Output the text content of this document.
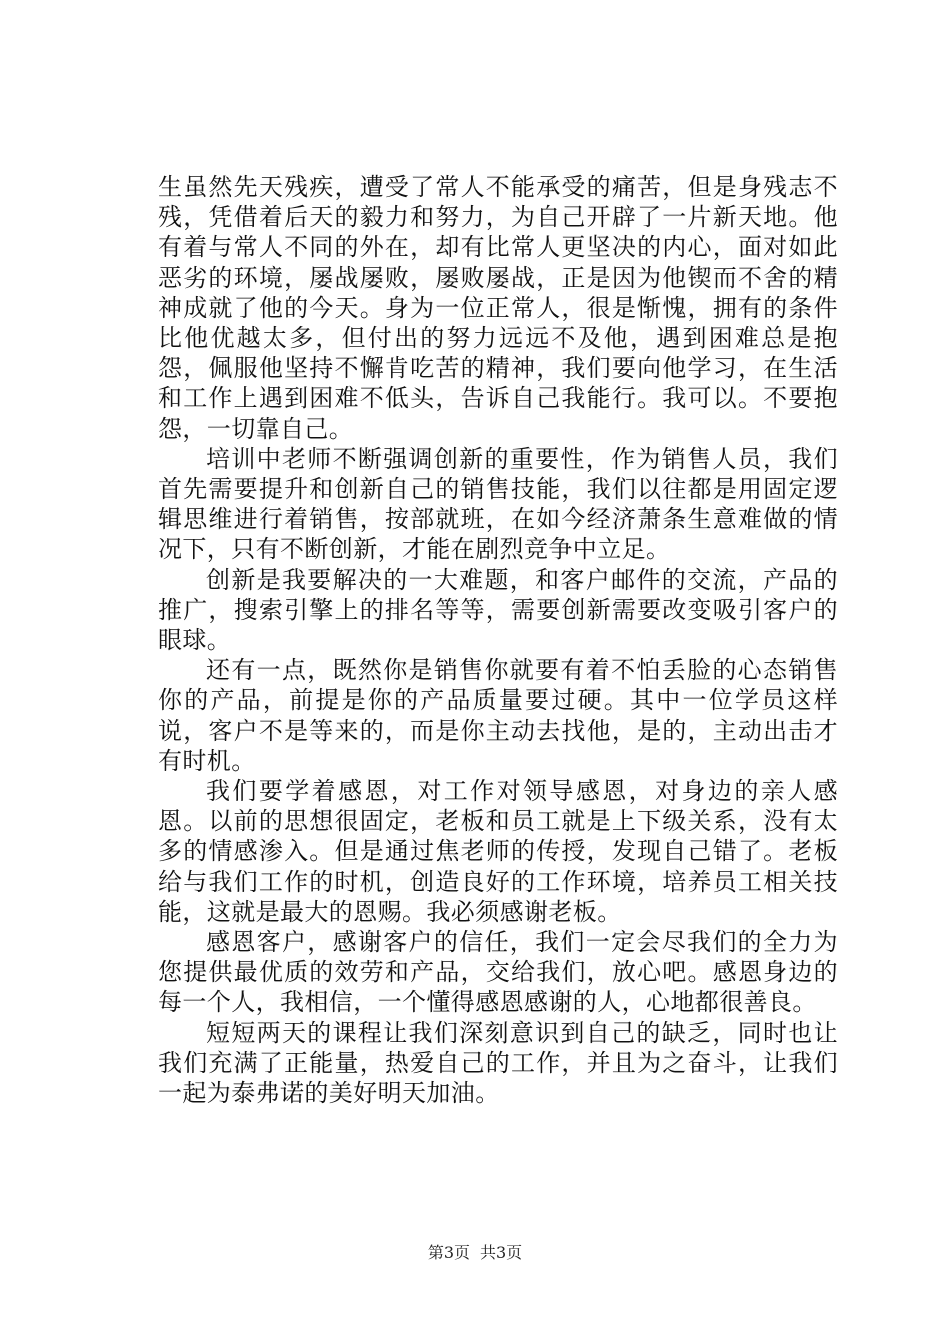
生虽然先天残疾，遭受了常人不能承受的痛苦，但是身残志不残，凭借着后天的毅力和努力，为自己开辟了一片新天地。他有着与常人不同的外在，却有比常人更坚决的内心，面对如此恶劣的环境，屡战屡败，屡败屡战，正是因为他锲而不舍的精神成就了他的今天。身为一位正常人，很是惭愧，拥有的条件比他优越太多，但付出的努力远远不及他，遇到困难总是抱怨，佩服他坚持不懈肯吃苦的精神，我们要向他学习，在生活和工作上遇到困难不低头，告诉自己我能行。我可以。不要抱怨，一切靠自己。

培训中老师不断强调创新的重要性，作为销售人员，我们首先需要提升和创新自己的销售技能，我们以往都是用固定逻辑思维进行着销售，按部就班，在如今经济萧条生意难做的情况下，只有不断创新，才能在剧烈竞争中立足。

创新是我要解决的一大难题，和客户邮件的交流，产品的推广，搜索引擎上的排名等等，需要创新需要改变吸引客户的眼球。

还有一点，既然你是销售你就要有着不怕丢脸的心态销售你的产品，前提是你的产品质量要过硬。其中一位学员这样说，客户不是等来的，而是你主动去找他，是的，主动出击才有时机。

我们要学着感恩，对工作对领导感恩，对身边的亲人感恩。以前的思想很固定，老板和员工就是上下级关系，没有太多的情感渗入。但是通过焦老师的传授，发现自己错了。老板给与我们工作的时机，创造良好的工作环境，培养员工相关技能，这就是最大的恩赐。我必须感谢老板。

感恩客户，感谢客户的信任，我们一定会尽我们的全力为您提供最优质的效劳和产品，交给我们，放心吧。感恩身边的每一个人，我相信，一个懂得感恩感谢的人，心地都很善良。

短短两天的课程让我们深刻意识到自己的缺乏，同时也让我们充满了正能量，热爱自己的工作，并且为之奋斗，让我们一起为泰弗诺的美好明天加油。

第3页 共3页
